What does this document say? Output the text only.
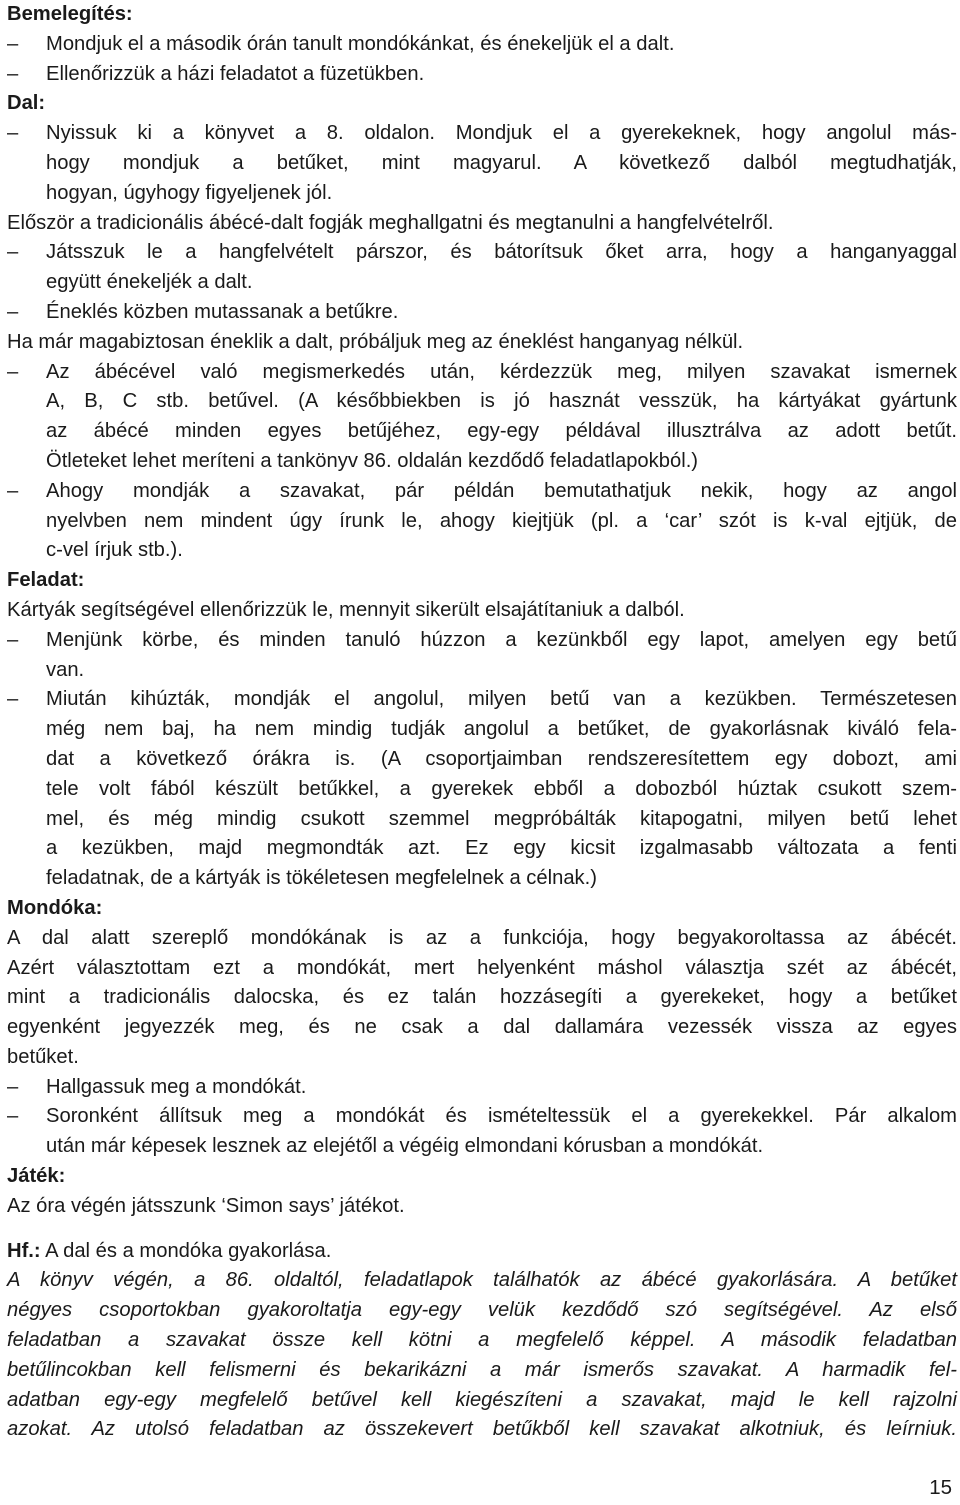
Bemelegítés:
– Mondjuk el a második órán tanult mondókánkat, és énekeljük el a dalt.
– Ellenőrizzük a házi feladatot a füzetükben.
Dal:
– Nyissuk ki a könyvet a 8. oldalon. Mondjuk el a gyerekeknek, hogy angolul más-
hogy mondjuk a betűket, mint magyarul. A következő dalból megtudhatják,
hogyan, úgyhogy figyeljenek jól.
Először a tradicionális ábécé-dalt fogják meghallgatni és megtanulni a hangfelvételről.
– Játsszuk le a hangfelvételt párszor, és bátorítsuk őket arra, hogy a hanganyaggal
együtt énekeljék a dalt.
– Éneklés közben mutassanak a betűkre.
Ha már magabiztosan éneklik a dalt, próbáljuk meg az éneklést hanganyag nélkül.
– Az ábécével való megismerkedés után, kérdezzük meg, milyen szavakat ismernek
A, B, C stb. betűvel. (A későbbiekben is jó hasznát vesszük, ha kártyákat gyártunk
az ábécé minden egyes betűjéhez, egy-egy példával illusztrálva az adott betűt.
Ötleteket lehet meríteni a tankönyv 86. oldalán kezdődő feladatlapokból.)
– Ahogy mondják a szavakat, pár példán bemutathatjuk nekik, hogy az angol
nyelvben nem mindent úgy írunk le, ahogy kiejtjük (pl. a ‘car’ szót is k-val ejtjük, de
c-vel írjuk stb.).
Feladat:
Kártyák segítségével ellenőrizzük le, mennyit sikerült elsajátítaniuk a dalból.
– Menjünk körbe, és minden tanuló húzzon a kezünkből egy lapot, amelyen egy betű
van.
– Miután kihúzták, mondják el angolul, milyen betű van a kezükben. Természetesen
még nem baj, ha nem mindig tudják angolul a betűket, de gyakorlásnak kiváló fela-
dat a következő órákra is. (A csoportjaimban rendszeresítettem egy dobozt, ami
tele volt fából készült betűkkel, a gyerekek ebből a dobozból húztak csukott szem-
mel, és még mindig csukott szemmel megpróbálták kitapogatni, milyen betű lehet
a kezükben, majd megmondták azt. Ez egy kicsit izgalmasabb változata a fenti
feladatnak, de a kártyák is tökéletesen megfelelnek a célnak.)
Mondóka:
A dal alatt szereplő mondókának is az a funkciója, hogy begyakoroltassa az ábécét.
Azért választottam ezt a mondókát, mert helyenként máshol választja szét az ábécét,
mint a tradicionális dalocska, és ez talán hozzásegíti a gyerekeket, hogy a betűket
egyenként jegyezzék meg, és ne csak a dal dallamára vezessék vissza az egyes
betűket.
– Hallgassuk meg a mondókát.
– Soronként állítsuk meg a mondókát és ismételtessük el a gyerekekkel. Pár alkalom
után már képesek lesznek az elejétől a végéig elmondani kórusban a mondókát.
Játék:
Az óra végén játsszunk ‘Simon says’ játékot.
Hf.: A dal és a mondóka gyakorlása.
A könyv végén, a 86. oldaltól, feladatlapok találhatók az ábécé gyakorlására. A betűket
négyes csoportokban gyakoroltatja egy-egy velük kezdődő szó segítségével. Az első
feladatban a szavakat össze kell kötni a megfelelő képpel. A második feladatban
betűlincokban kell felismerni és bekarikázni a már ismerős szavakat. A harmadik fel-
adatban egy-egy megfelelő betűvel kell kiegészíteni a szavakat, majd le kell rajzolni
azokat. Az utolsó feladatban az összekevert betűkből kell szavakat alkotniuk, és leírniuk.
15
